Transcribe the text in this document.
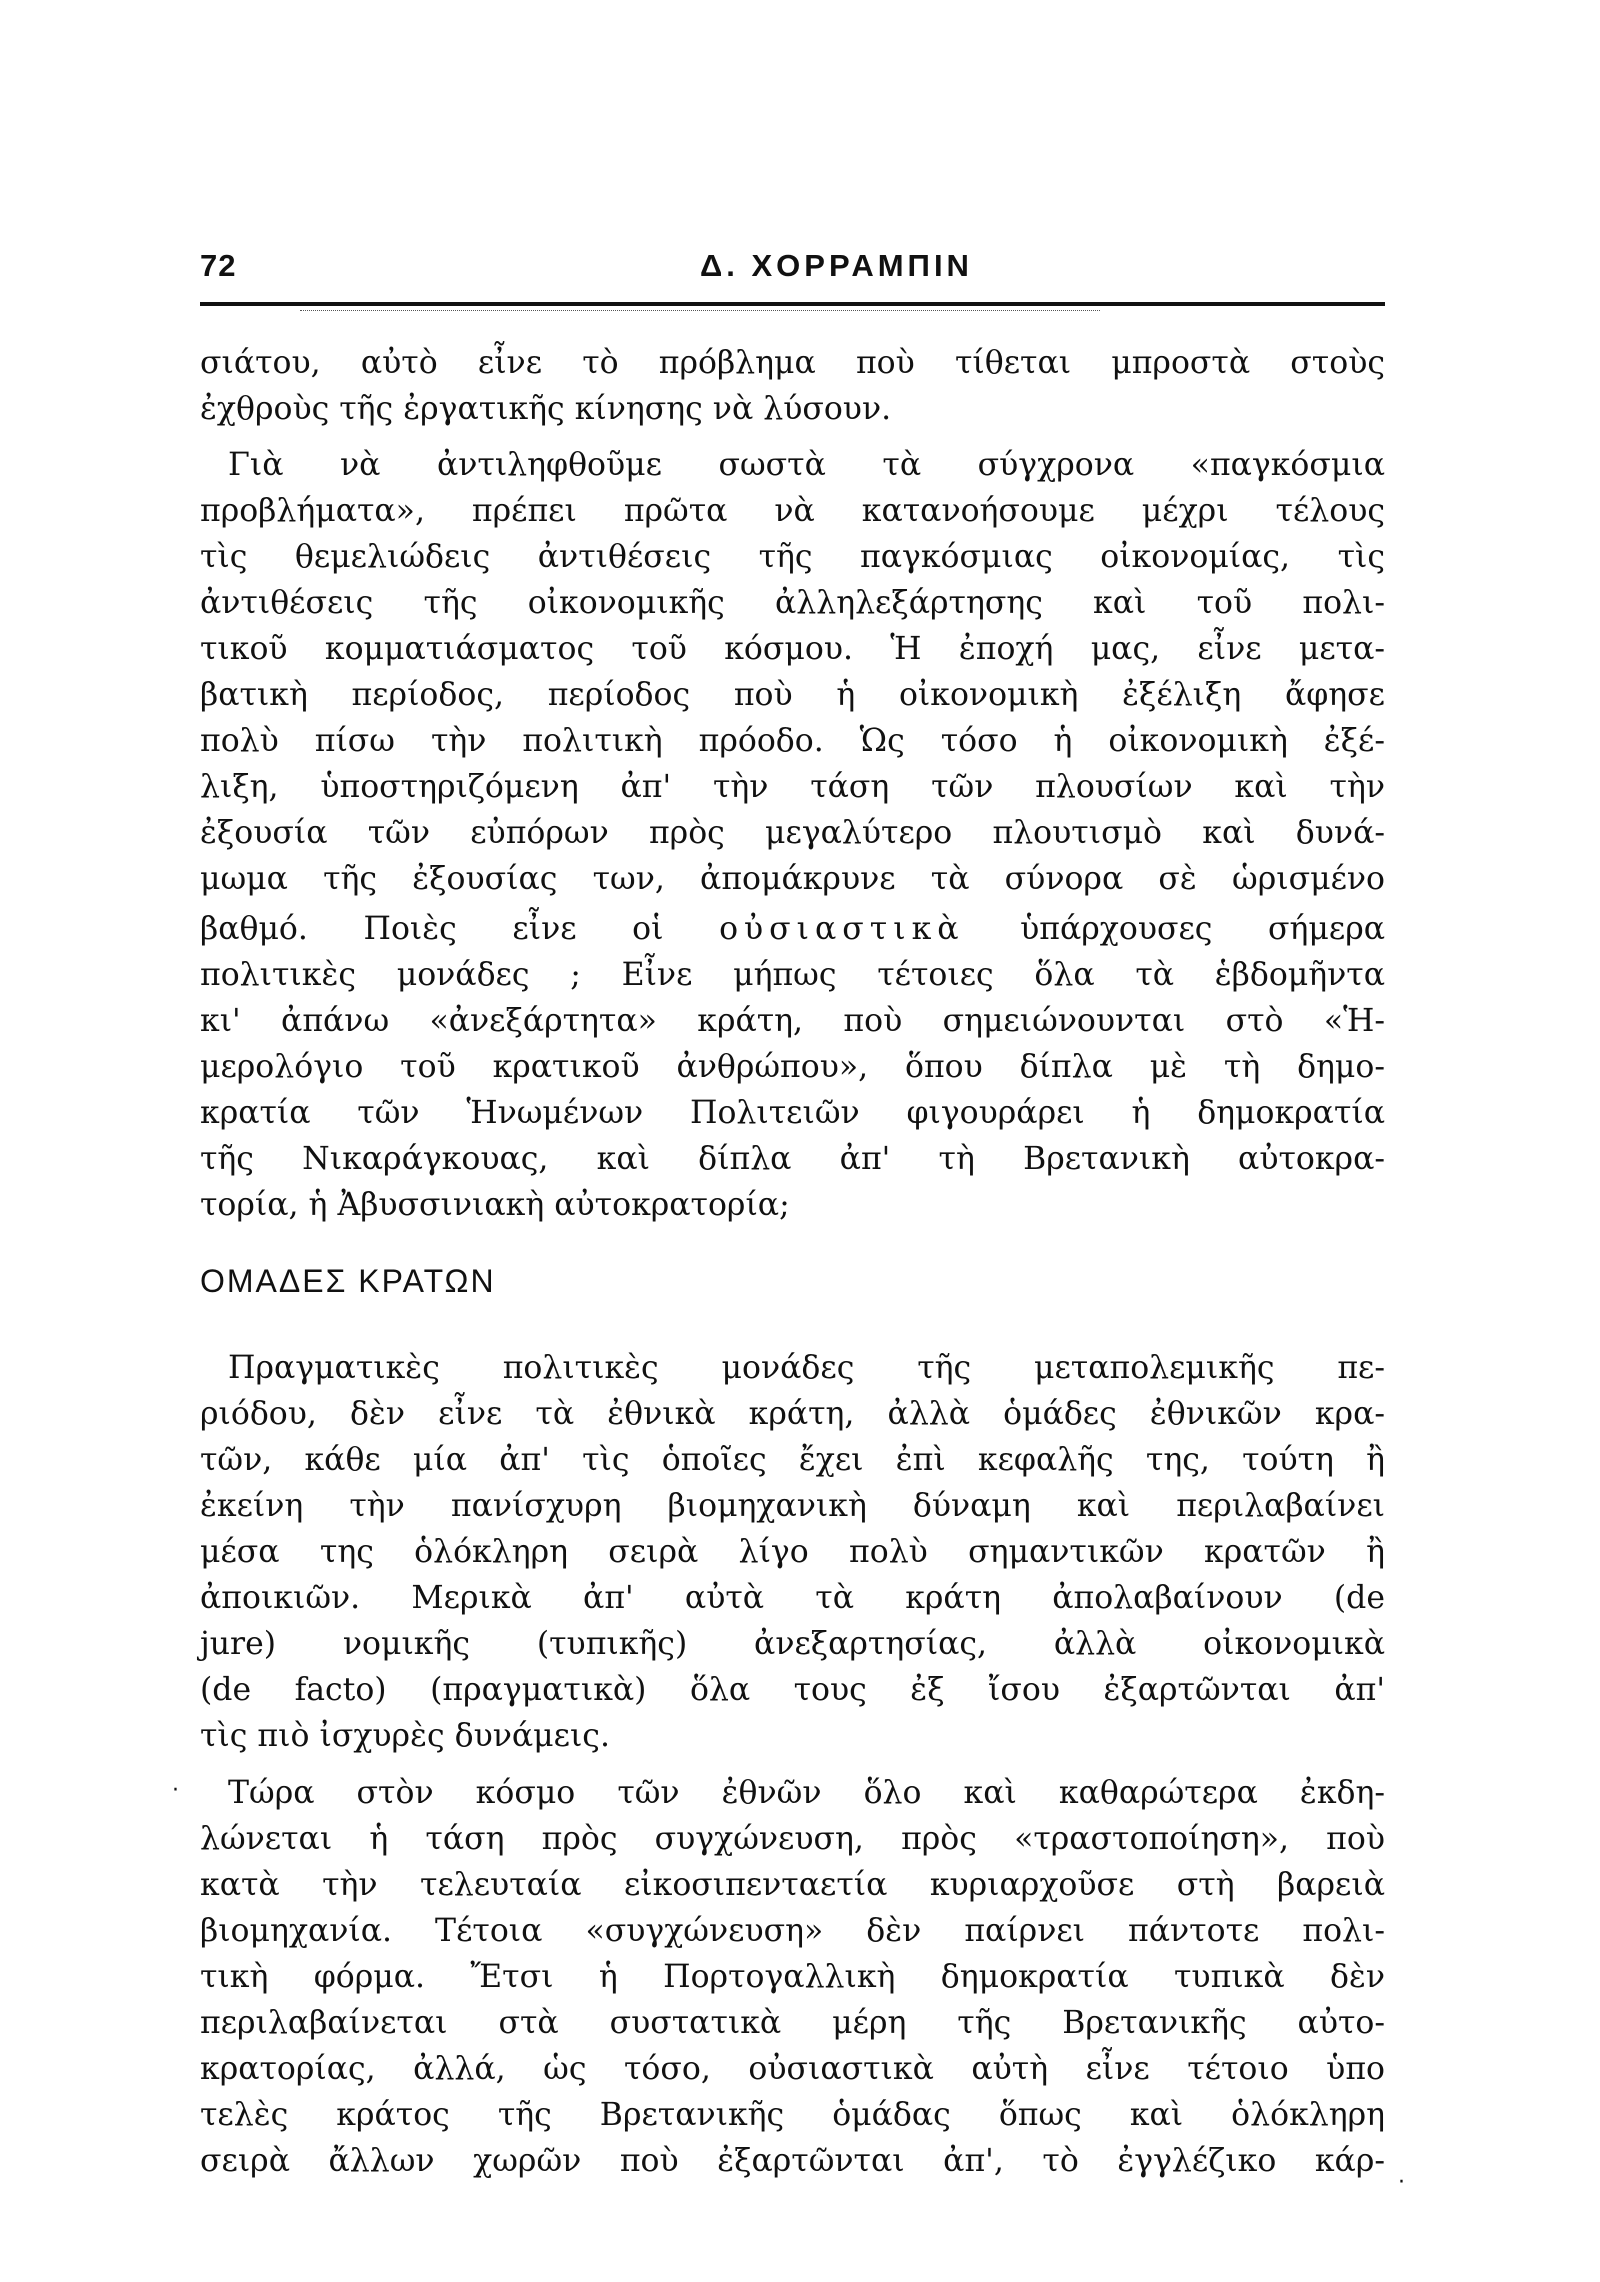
72	Δ. ΧΟΡΡΑΜΠΙΝ
σιάτου, αὐτὸ εἶνε τὸ πρόβλημα ποὺ τίθεται μπροστὰ στοὺς
ἐχθροὺς τῆς ἐργατικῆς κίνησης νὰ λύσουν.
Γιὰ νὰ ἀντιληφθοῦμε σωστὰ τὰ σύγχρονα «παγκόσμια
προβλήματα», πρέπει πρῶτα νὰ κατανοήσουμε μέχρι τέλους
τὶς θεμελιώδεις ἀντιθέσεις τῆς παγκόσμιας οἰκονομίας, τὶς
ἀντιθέσεις τῆς οἰκονομικῆς ἀλληλεξάρτησης καὶ τοῦ πολι-
τικοῦ κομματιάσματος τοῦ κόσμου. Ἡ ἐποχή μας, εἶνε μετα-
βατικὴ περίοδος, περίοδος ποὺ ἡ οἰκονομικὴ ἐξέλιξη ἄφησε
πολὺ πίσω τὴν πολιτικὴ πρόοδο. Ὡς τόσο ἡ οἰκονομικὴ ἐξέ-
λιξη, ὑποστηριζόμενη ἀπ' τὴν τάση τῶν πλουσίων καὶ τὴν
ἐξουσία τῶν εὐπόρων πρὸς μεγαλύτερο πλουτισμὸ καὶ δυνά-
μωμα τῆς ἐξουσίας των, ἀπομάκρυνε τὰ σύνορα σὲ ὡρισμένο
βαθμό. Ποιὲς εἶνε οἱ οὐσιαστικὰ ὑπάρχουσες σήμερα
πολιτικὲς μονάδες ; Εἶνε μήπως τέτοιες ὅλα τὰ ἑβδομῆντα
κι' ἀπάνω «ἀνεξάρτητα» κράτη, ποὺ σημειώνουνται στὸ «Ἡ-
μερολόγιο τοῦ κρατικοῦ ἀνθρώπου», ὅπου δίπλα μὲ τὴ δημο-
κρατία τῶν Ἡνωμένων Πολιτειῶν φιγουράρει ἡ δημοκρατία
τῆς Νικαράγκουας, καὶ δίπλα ἀπ' τὴ Βρετανικὴ αὐτοκρα-
τορία, ἡ Ἀβυσσινιακὴ αὐτοκρατορία;
ΟΜΑΔΕΣ ΚΡΑΤΩΝ
Πραγματικὲς πολιτικὲς μονάδες τῆς μεταπολεμικῆς πε-
ριόδου, δὲν εἶνε τὰ ἐθνικὰ κράτη, ἀλλὰ ὁμάδες ἐθνικῶν κρα-
τῶν, κάθε μία ἀπ' τὶς ὁποῖες ἔχει ἐπὶ κεφαλῆς της, τούτη ἢ
ἐκείνη τὴν πανίσχυρη βιομηχανικὴ δύναμη καὶ περιλαβαίνει
μέσα της ὁλόκληρη σειρὰ λίγο πολὺ σημαντικῶν κρατῶν ἢ
ἀποικιῶν. Μερικὰ ἀπ' αὐτὰ τὰ κράτη ἀπολαβαίνουν (de
jure) νομικῆς (τυπικῆς) ἀνεξαρτησίας, ἀλλὰ οἰκονομικὰ
(de facto) (πραγματικὰ) ὅλα τους ἐξ ἴσου ἐξαρτῶνται ἀπ'
τὶς πιὸ ἰσχυρὲς δυνάμεις.
Τώρα στὸν κόσμο τῶν ἐθνῶν ὅλο καὶ καθαρώτερα ἐκδη-
λώνεται ἡ τάση πρὸς συγχώνευση, πρὸς «τραστοποίηση», ποὺ
κατὰ τὴν τελευταία εἰκοσιπενταετία κυριαρχοῦσε στὴ βαρειὰ
βιομηχανία. Τέτοια «συγχώνευση» δὲν παίρνει πάντοτε πολι-
τικὴ φόρμα. Ἔτσι ἡ Πορτογαλλικὴ δημοκρατία τυπικὰ δὲν
περιλαβαίνεται στὰ συστατικὰ μέρη τῆς Βρετανικῆς αὐτο-
κρατορίας, ἀλλά, ὡς τόσο, οὐσιαστικὰ αὐτὴ εἶνε τέτοιο ὑπο
τελὲς κράτος τῆς Βρετανικῆς ὁμάδας ὅπως καὶ ὁλόκληρη
σειρὰ ἄλλων χωρῶν ποὺ ἐξαρτῶνται ἀπ', τὸ ἐγγλέζικο κάρ-
·
·
